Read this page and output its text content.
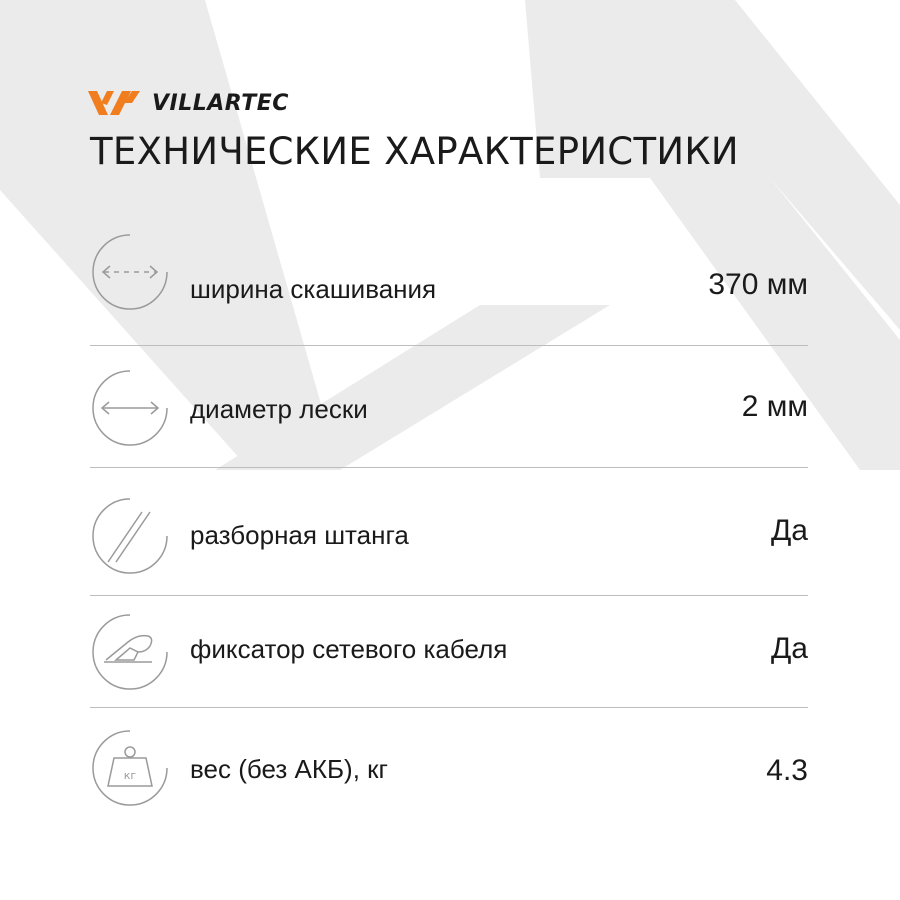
VILLARTEC
ТЕХНИЧЕСКИЕ ХАРАКТЕРИСТИКИ
ширина скашивания	370 мм
диаметр лески	2 мм
разборная штанга	Да
фиксатор сетевого кабеля	Да
кг вес (без АКБ), кг	4.3
